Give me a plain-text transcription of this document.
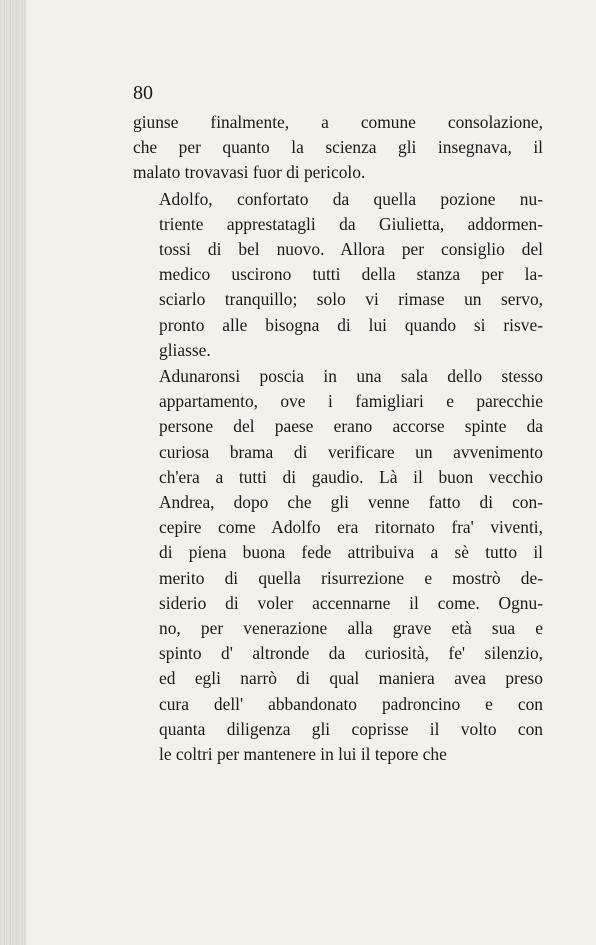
80

giunse finalmente, a comune consolazione,
che per quanto la scienza gli insegnava, il
malato trovavasi fuor di pericolo.

Adolfo, confortato da quella pozione nu-
triente apprestatagli da Giulietta, addormen-
tossi di bel nuovo. Allora per consiglio del
medico uscirono tutti della stanza per la-
sciarlo tranquillo; solo vi rimase un servo,
pronto alle bisogna di lui quando si risve-
gliasse.

Adunaronsi poscia in una sala dello stesso
appartamento, ove i famigliari e parecchie
persone del paese erano accorse spinte da
curiosa brama di verificare un avvenimento
ch'era a tutti di gaudio. Là il buon vecchio
Andrea, dopo che gli venne fatto di con-
cepire come Adolfo era ritornato fra' viventi,
di piena buona fede attribuiva a sè tutto il
merito di quella risurrezione e mostrò de-
siderio di voler accennarne il come. Ognu-
no, per venerazione alla grave età sua e
spinto d' altronde da curiosità, fe' silenzio,
ed egli narrò di qual maniera avea preso
cura dell' abbandonato padroncino e con
quanta diligenza gli coprisse il volto con
le coltri per mantenere in lui il tepore che
